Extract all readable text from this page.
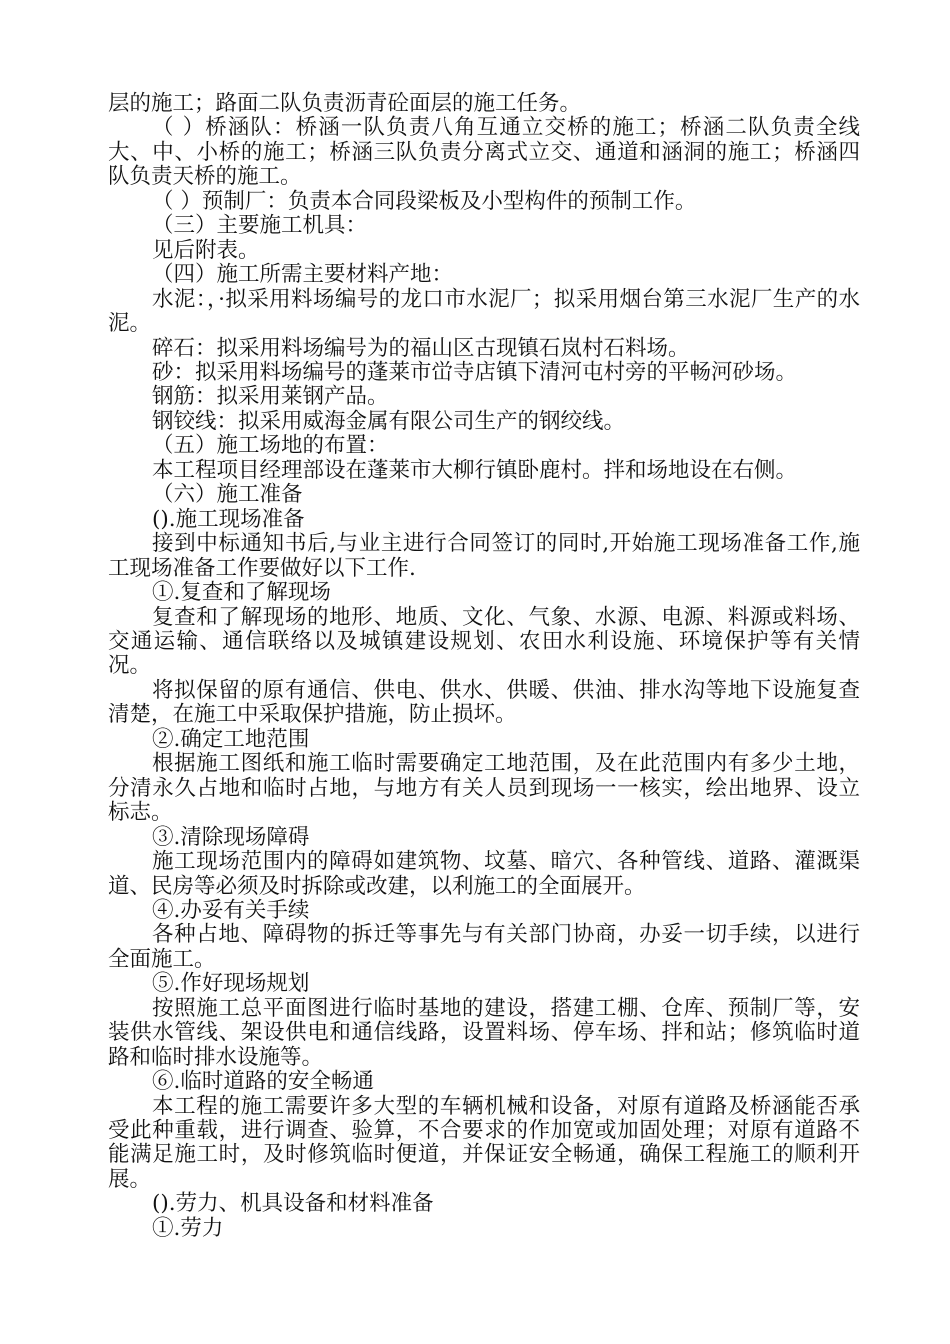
层的施工；路面二队负责沥青砼面层的施工任务。

（ ）桥涵队：桥涵一队负责八角互通立交桥的施工；桥涵二队负责全线大、中、小桥的施工；桥涵三队负责分离式立交、通道和涵洞的施工；桥涵四队负责天桥的施工。

（ ）预制厂：负责本合同段梁板及小型构件的预制工作。

（三）主要施工机具：

见后附表。

（四）施工所需主要材料产地：

水泥：，·拟采用料场编号的龙口市水泥厂；拟采用烟台第三水泥厂生产的水泥。

碎石：拟采用料场编号为的福山区古现镇石岚村石料场。

砂：拟采用料场编号的蓬莱市峃寺店镇下清河屯村旁的平畅河砂场。

钢筋：拟采用莱钢产品。

钢铰线：拟采用威海金属有限公司生产的钢绞线。

（五）施工场地的布置：

本工程项目经理部设在蓬莱市大柳行镇卧鹿村。拌和场地设在右侧。

（六）施工准备

().施工现场准备

接到中标通知书后,与业主进行合同签订的同时,开始施工现场准备工作,施工现场准备工作要做好以下工作.

①.复查和了解现场

复查和了解现场的地形、地质、文化、气象、水源、电源、料源或料场、交通运输、通信联络以及城镇建设规划、农田水利设施、环境保护等有关情况。

将拟保留的原有通信、供电、供水、供暖、供油、排水沟等地下设施复查清楚，在施工中采取保护措施，防止损坏。

②.确定工地范围

根据施工图纸和施工临时需要确定工地范围，及在此范围内有多少土地，分清永久占地和临时占地，与地方有关人员到现场一一核实，绘出地界、设立标志。

③.清除现场障碍

施工现场范围内的障碍如建筑物、坟墓、暗穴、各种管线、道路、灌溉渠道、民房等必须及时拆除或改建，以利施工的全面展开。

④.办妥有关手续

各种占地、障碍物的拆迁等事先与有关部门协商，办妥一切手续，以进行全面施工。

⑤.作好现场规划

按照施工总平面图进行临时基地的建设，搭建工棚、仓库、预制厂等，安装供水管线、架设供电和通信线路，设置料场、停车场、拌和站；修筑临时道路和临时排水设施等。

⑥.临时道路的安全畅通

本工程的施工需要许多大型的车辆机械和设备，对原有道路及桥涵能否承受此种重载，进行调查、验算，不合要求的作加宽或加固处理；对原有道路不能满足施工时，及时修筑临时便道，并保证安全畅通，确保工程施工的顺利开展。

().劳力、机具设备和材料准备

①.劳力
